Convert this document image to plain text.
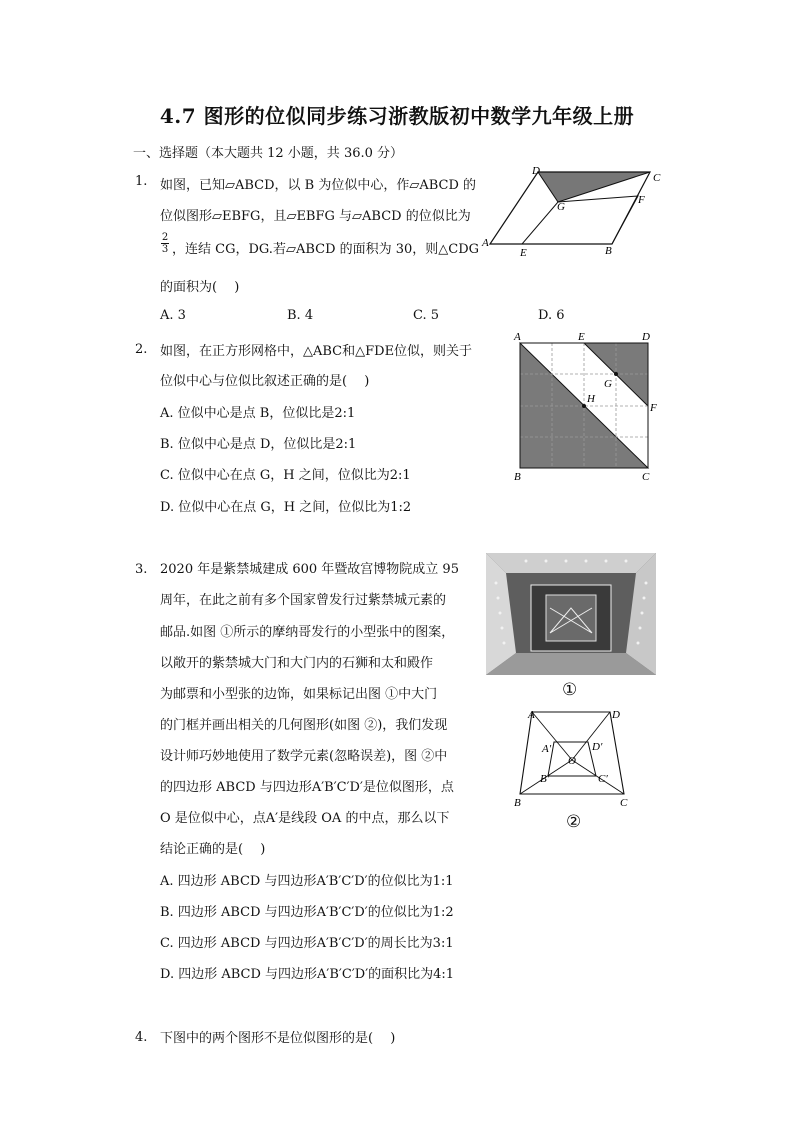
4.7 图形的位似同步练习浙教版初中数学九年级上册
一、选择题（本大题共 12 小题，共 36.0 分）
1. 如图，已知▱ABCD，以 B 为位似中心，作▱ABCD 的
位似图形▱EBFG，且▱EBFG 与▱ABCD 的位似比为
2
3 ，连结 CG，DG.若▱ABCD 的面积为 30，则△CDG
的面积为(　 )
A. 3	B. 4	C. 5	D. 6
D
C
G
F
A
E	B
2. 如图，在正方形网格中，△ABC和△FDE位似，则关于
位似中心与位似比叙述正确的是(　 )
A. 位似中心是点 B，位似比是2:1
B. 位似中心是点 D，位似比是2:1
C. 位似中心在点 G，H 之间，位似比为2:1
D. 位似中心在点 G，H 之间，位似比为1:2
A	E	D
G
H
F
B	C
3. 2020 年是紫禁城建成 600 年暨故宫博物院成立 95
周年，在此之前有多个国家曾发行过紫禁城元素的
邮品.如图 ①所示的摩纳哥发行的小型张中的图案，
以敞开的紫禁城大门和大门内的石狮和太和殿作
为邮票和小型张的边饰，如果标记出图 ①中大门
的门框并画出相关的几何图形(如图 ②)，我们发现
设计师巧妙地使用了数学元素(忽略误差)，图 ②中
的四边形 ABCD 与四边形A′B′C′D′是位似图形，点
O 是位似中心，点A′是线段 OA 的中点，那么以下
结论正确的是(　 )
A. 四边形 ABCD 与四边形A′B′C′D′的位似比为1:1
B. 四边形 ABCD 与四边形A′B′C′D′的位似比为1:2
C. 四边形 ABCD 与四边形A′B′C′D′的周长比为3:1
D. 四边形 ABCD 与四边形A′B′C′D′的面积比为4:1
①
A	D
A′	D′
O
B′	C′
B	C
②
4. 下图中的两个图形不是位似图形的是(　 )
